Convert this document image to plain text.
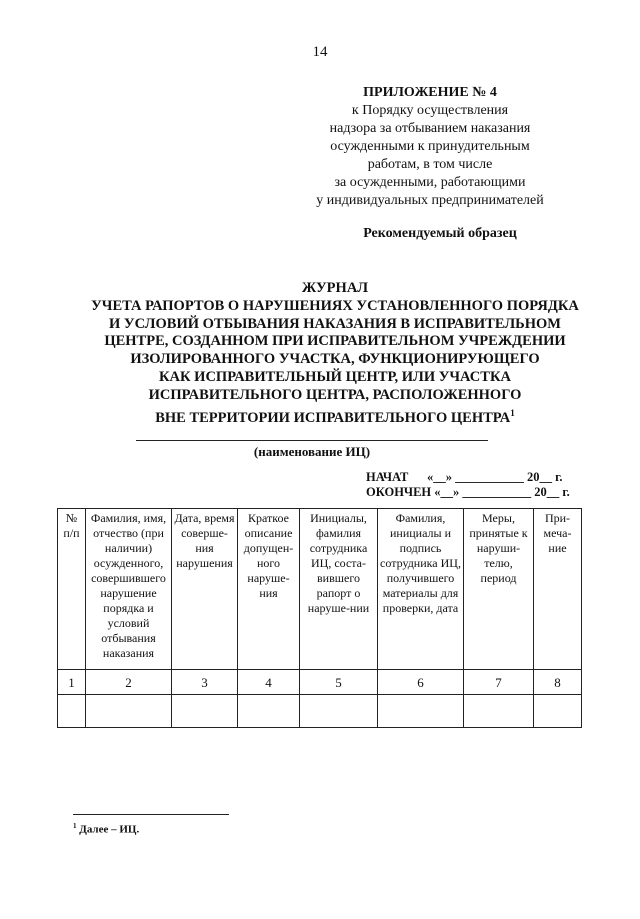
14
ПРИЛОЖЕНИЕ № 4
к Порядку осуществления
надзора за отбыванием наказания
осужденными к принудительным
работам, в том числе
за осужденными, работающими
у индивидуальных предпринимателей
Рекомендуемый образец
ЖУРНАЛ
УЧЕТА РАПОРТОВ О НАРУШЕНИЯХ УСТАНОВЛЕННОГО ПОРЯДКА
И УСЛОВИЙ ОТБЫВАНИЯ НАКАЗАНИЯ В ИСПРАВИТЕЛЬНОМ
ЦЕНТРЕ, СОЗДАННОМ ПРИ ИСПРАВИТЕЛЬНОМ УЧРЕЖДЕНИИ
ИЗОЛИРОВАННОГО УЧАСТКА, ФУНКЦИОНИРУЮЩЕГО
КАК ИСПРАВИТЕЛЬНЫЙ ЦЕНТР, ИЛИ УЧАСТКА
ИСПРАВИТЕЛЬНОГО ЦЕНТРА, РАСПОЛОЖЕННОГО
ВНЕ ТЕРРИТОРИИ ИСПРАВИТЕЛЬНОГО ЦЕНТРА$^1$
(наименование ИЦ)
НАЧАТ      «__» ___________ 20__ г.
ОКОНЧЕН «__» ___________ 20__ г.
№ п/п	Фамилия, имя, отчество (при наличии) осужденного, совершившего нарушение порядка и условий отбывания наказания	Дата, время соверше-ния нарушения	Краткое описание допущен-ного наруше-ния	Инициалы, фамилия сотрудника ИЦ, соста-вившего рапорт о наруше-нии	Фамилия, инициалы и подпись сотрудника ИЦ, получившего материалы для проверки, дата	Меры, принятые к наруши-телю, период	При-меча-ние
1	2	3	4	5	6	7	8

$^1$ Далее – ИЦ.
